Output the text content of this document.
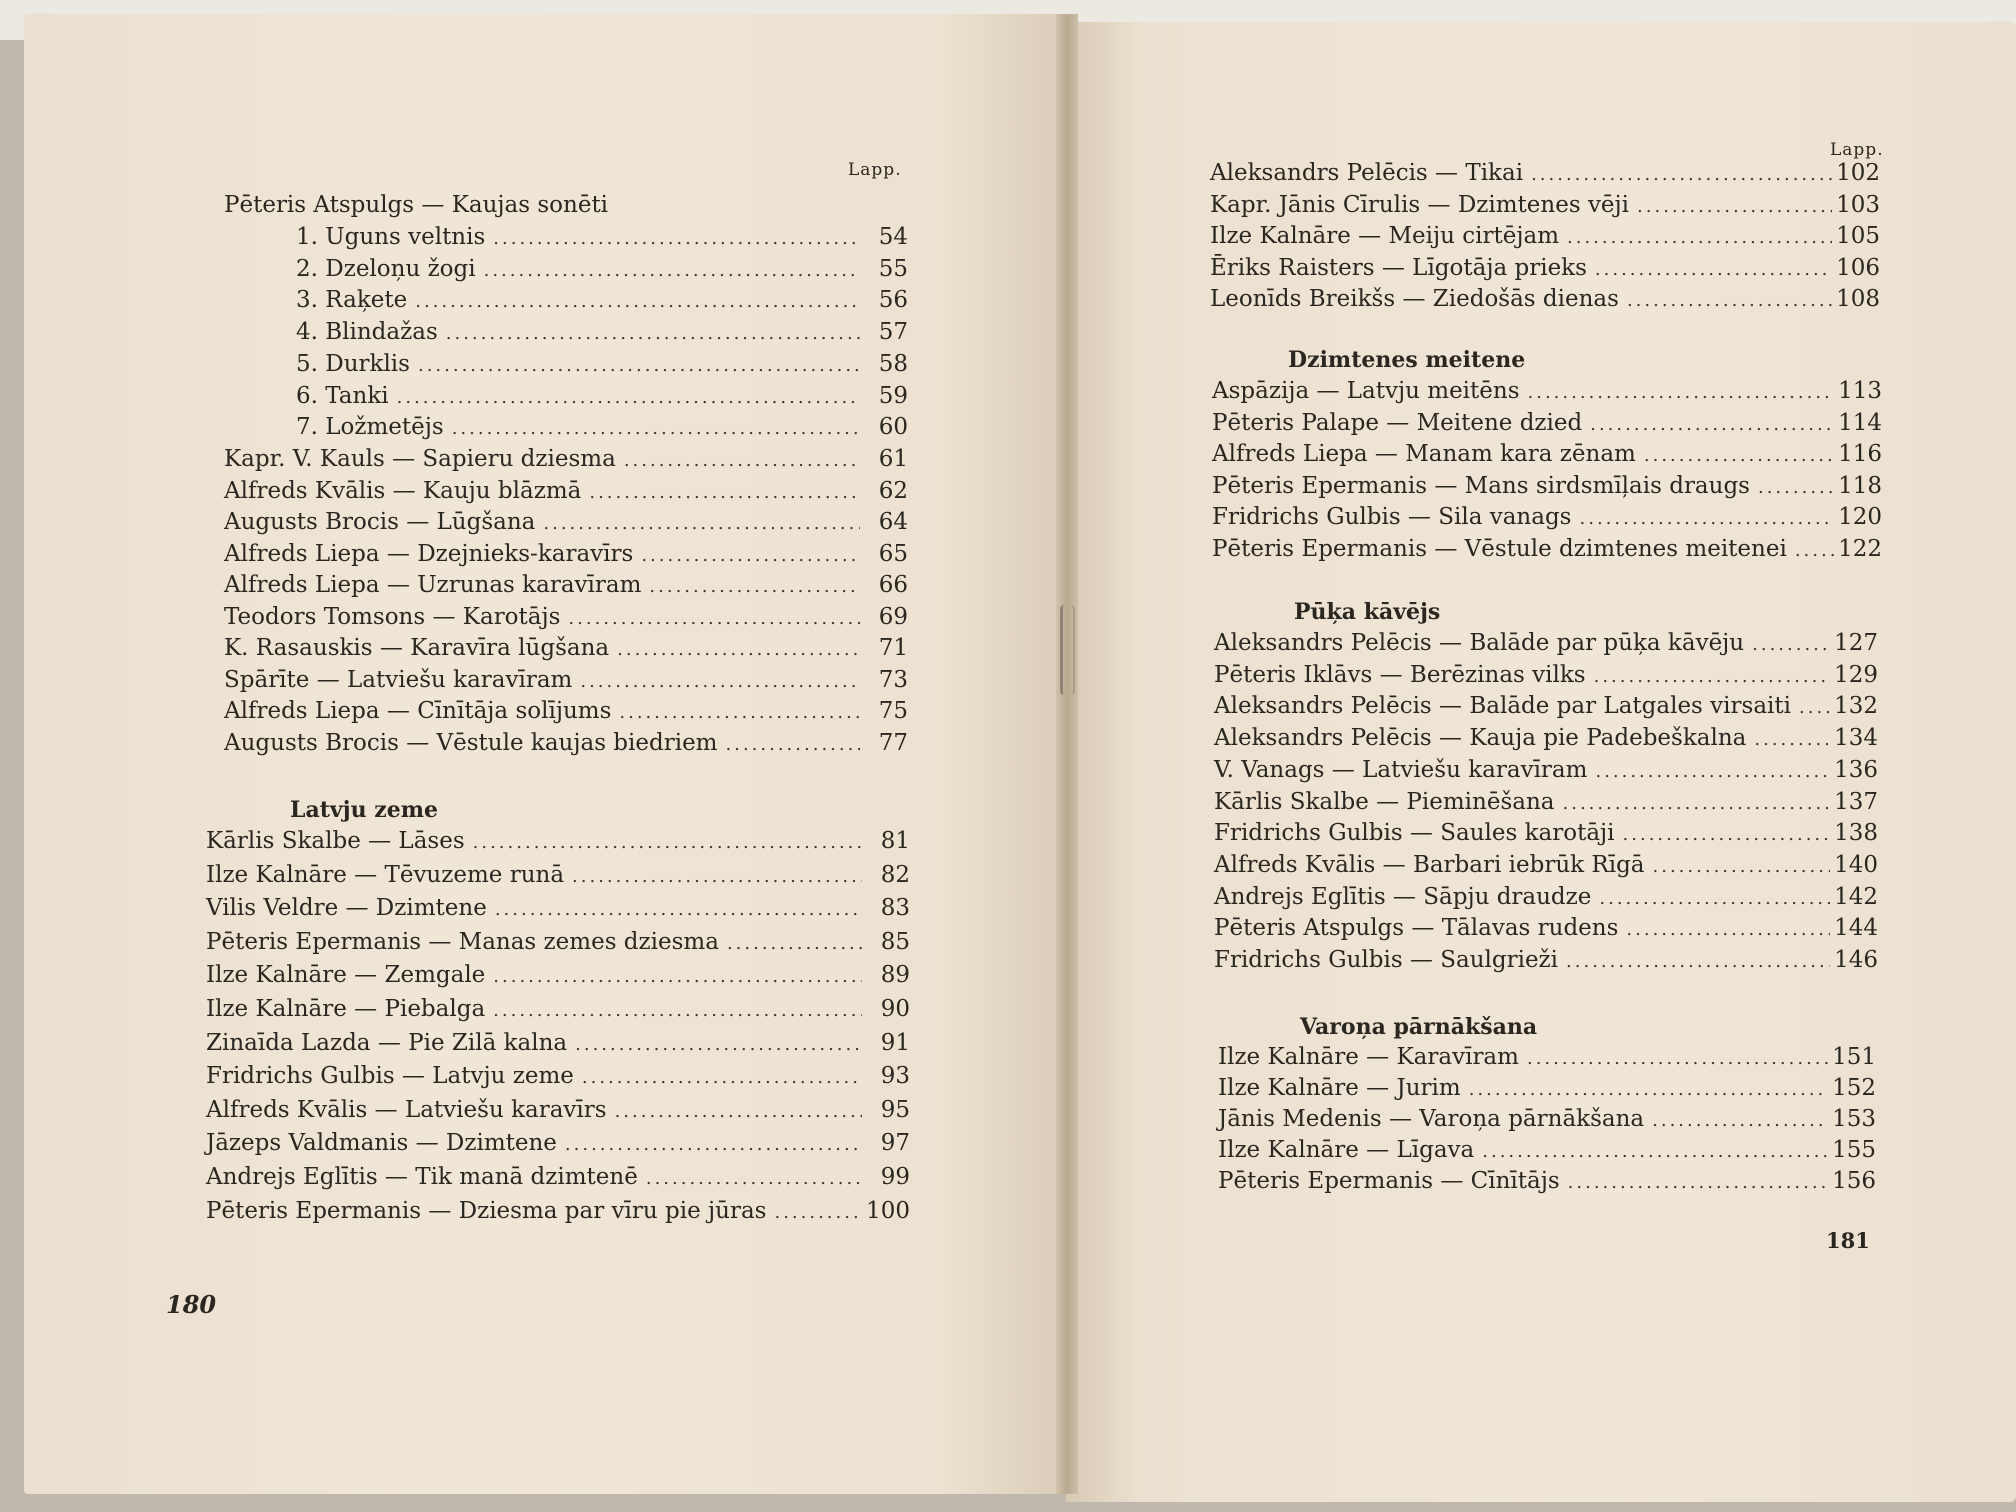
Lapp.
Pēteris Atspulgs — Kaujas sonēti
Latvju zeme
180
Lapp.
Dzimtenes meitene
Pūķa kāvējs
Varoņa pārnākšana
181
1. Uguns veltnis .....	54
2. Dzeloņu žogi .....	55
3. Raķete .....	56
4. Blindažas .....	57
5. Durklis .....	58
6. Tanki .....	59
7. Ložmetējs .....	60
Kapr. V. Kauls — Sapieru dziesma .....	61
Alfreds Kvālis — Kauju blāzmā .....	62
Augusts Brocis — Lūgšana .....	64
Alfreds Liepa — Dzejnieks-karavīrs .....	65
Alfreds Liepa — Uzrunas karavīram .....	66
Teodors Tomsons — Karotājs .....	69
K. Rasauskis — Karavīra lūgšana .....	71
Spārīte — Latviešu karavīram .....	73
Alfreds Liepa — Cīnītāja solījums .....	75
Augusts Brocis — Vēstule kaujas biedriem .....	77
Kārlis Skalbe — Lāses .....	81
Ilze Kalnāre — Tēvuzeme runā .....	82
Vilis Veldre — Dzimtene .....	83
Pēteris Epermanis — Manas zemes dziesma .....	85
Ilze Kalnāre — Zemgale .....	89
Ilze Kalnāre — Piebalga .....	90
Zinaīda Lazda — Pie Zilā kalna .....	91
Fridrichs Gulbis — Latvju zeme .....	93
Alfreds Kvālis — Latviešu karavīrs .....	95
Jāzeps Valdmanis — Dzimtene .....	97
Andrejs Eglītis — Tik manā dzimtenē .....	99
Pēteris Epermanis — Dziesma par vīru pie jūras .....	100
Aleksandrs Pelēcis — Tikai .....	102
Kapr. Jānis Cīrulis — Dzimtenes vēji .....	103
Ilze Kalnāre — Meiju cirtējam .....	105
Ēriks Raisters — Līgotāja prieks .....	106
Leonīds Breikšs — Ziedošās dienas .....	108
Aspāzija — Latvju meitēns .....	113
Pēteris Palape — Meitene dzied .....	114
Alfreds Liepa — Manam kara zēnam .....	116
Pēteris Epermanis — Mans sirdsmīļais draugs .....	118
Fridrichs Gulbis — Sila vanags .....	120
Pēteris Epermanis — Vēstule dzimtenes meitenei ..... 122
Aleksandrs Pelēcis — Balāde par pūķa kāvēju .....	127
Pēteris Iklāvs — Berēzinas vilks .....	129
Aleksandrs Pelēcis — Balāde par Latgales virsaiti ..... 132
Aleksandrs Pelēcis — Kauja pie Padebeškalna .....	134
V. Vanags — Latviešu karavīram .....	136
Kārlis Skalbe — Pieminēšana .....	137
Fridrichs Gulbis — Saules karotāji .....	138
Alfreds Kvālis — Barbari iebrūk Rīgā .....	140
Andrejs Eglītis — Sāpju draudze .....	142
Pēteris Atspulgs — Tālavas rudens .....	144
Fridrichs Gulbis — Saulgrieži .....	146
Ilze Kalnāre — Karavīram .....	151
Ilze Kalnāre — Jurim .....	152
Jānis Medenis — Varoņa pārnākšana .....	153
Ilze Kalnāre — Līgava .....	155
Pēteris Epermanis — Cīnītājs .....	156
